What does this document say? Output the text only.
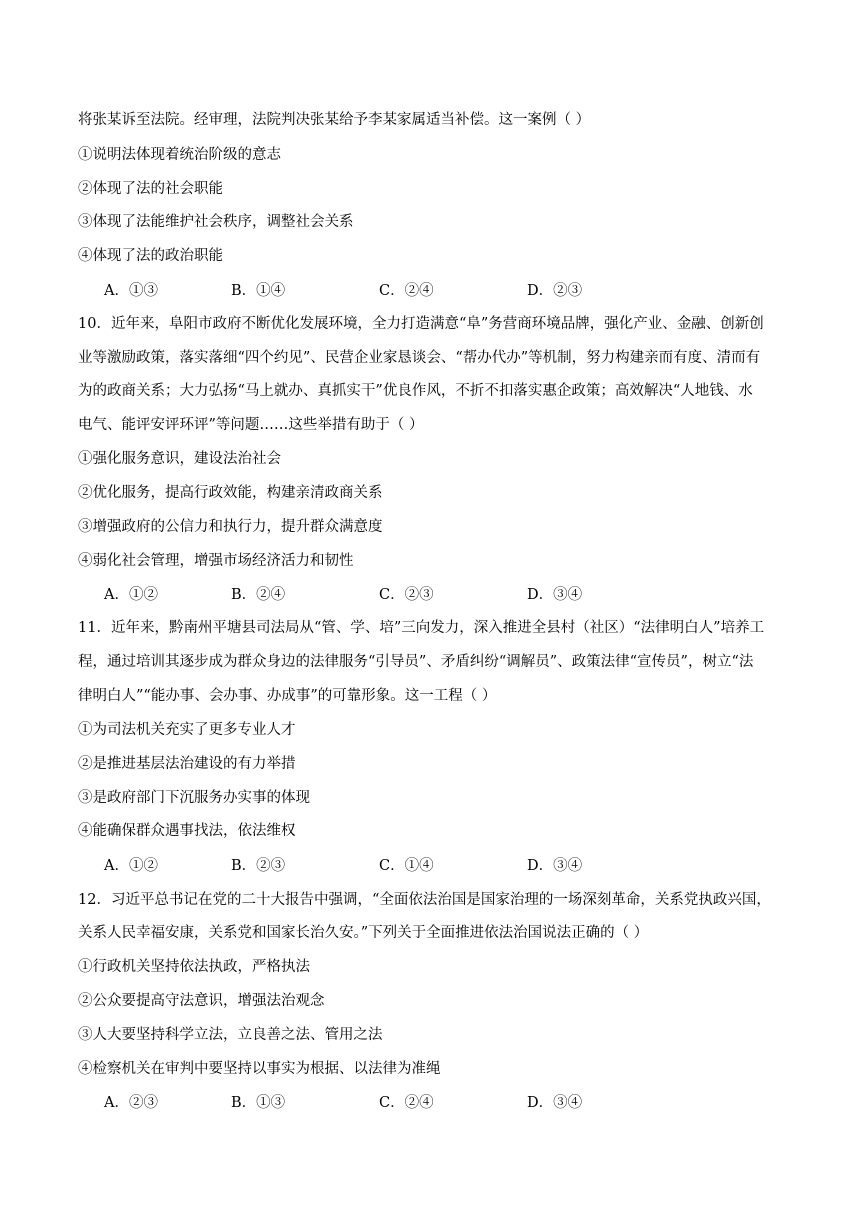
将张某诉至法院。经审理，法院判决张某给予李某家属适当补偿。这一案例（ ）
①说明法体现着统治阶级的意志
②体现了法的社会职能
③体现了法能维护社会秩序，调整社会关系
④体现了法的政治职能
A．①③	B．①④	C．②④	D．②③
10．近年来，阜阳市政府不断优化发展环境，全力打造满意“阜”务营商环境品牌，强化产业、金融、创新创
业等激励政策，落实落细“四个约见”、民营企业家恳谈会、“帮办代办”等机制，努力构建亲而有度、清而有
为的政商关系；大力弘扬“马上就办、真抓实干”优良作风，不折不扣落实惠企政策；高效解决“人地钱、水
电气、能评安评环评”等问题……这些举措有助于（ ）
①强化服务意识，建设法治社会
②优化服务，提高行政效能，构建亲清政商关系
③增强政府的公信力和执行力，提升群众满意度
④弱化社会管理，增强市场经济活力和韧性
A．①②	B．②④	C．②③	D．③④
11．近年来，黔南州平塘县司法局从“管、学、培”三向发力，深入推进全县村（社区）“法律明白人”培养工
程，通过培训其逐步成为群众身边的法律服务“引导员”、矛盾纠纷“调解员”、政策法律“宣传员”，树立“法
律明白人”“能办事、会办事、办成事”的可靠形象。这一工程（ ）
①为司法机关充实了更多专业人才
②是推进基层法治建设的有力举措
③是政府部门下沉服务办实事的体现
④能确保群众遇事找法，依法维权
A．①②	B．②③	C．①④	D．③④
12．习近平总书记在党的二十大报告中强调，“全面依法治国是国家治理的一场深刻革命，关系党执政兴国，
关系人民幸福安康，关系党和国家长治久安。”下列关于全面推进依法治国说法正确的（ ）
①行政机关坚持依法执政，严格执法
②公众要提高守法意识，增强法治观念
③人大要坚持科学立法，立良善之法、管用之法
④检察机关在审判中要坚持以事实为根据、以法律为准绳
A．②③	B．①③	C．②④	D．③④
